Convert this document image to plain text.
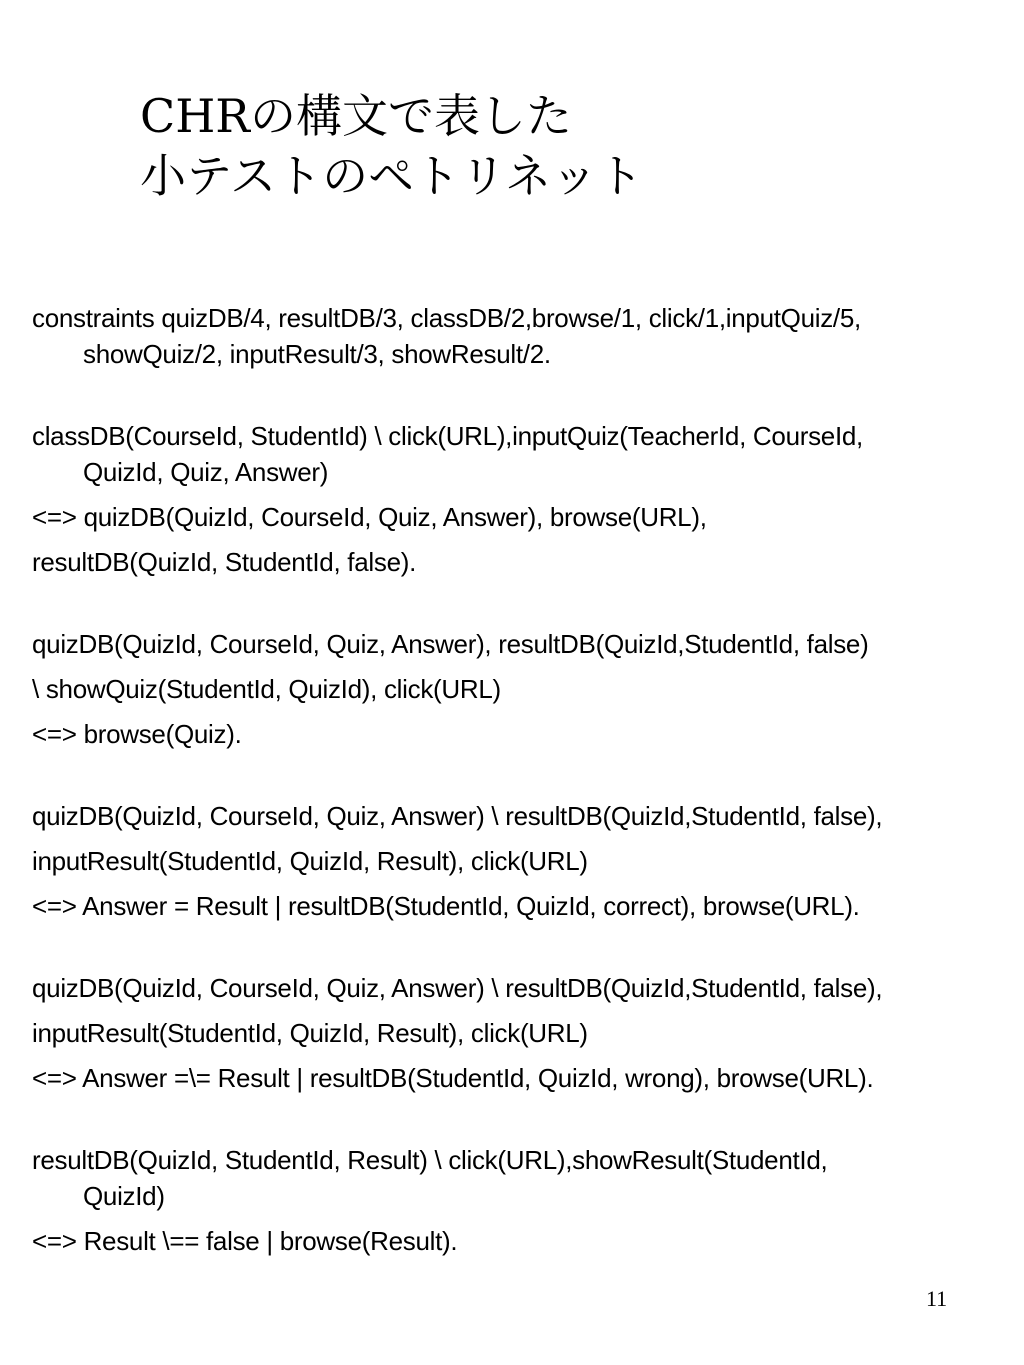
CHRの構文で表した
小テストのペトリネット

constraints quizDB/4, resultDB/3, classDB/2,browse/1, click/1,inputQuiz/5,
showQuiz/2, inputResult/3, showResult/2.

classDB(CourseId, StudentId) \ click(URL),inputQuiz(TeacherId, CourseId,
QuizId, Quiz, Answer)

<=> quizDB(QuizId, CourseId, Quiz, Answer), browse(URL),

resultDB(QuizId, StudentId, false).

quizDB(QuizId, CourseId, Quiz, Answer), resultDB(QuizId,StudentId, false)

\ showQuiz(StudentId, QuizId), click(URL)

<=> browse(Quiz).

quizDB(QuizId, CourseId, Quiz, Answer) \ resultDB(QuizId,StudentId, false),

inputResult(StudentId, QuizId, Result), click(URL)

<=> Answer = Result | resultDB(StudentId, QuizId, correct), browse(URL).

quizDB(QuizId, CourseId, Quiz, Answer) \ resultDB(QuizId,StudentId, false),

inputResult(StudentId, QuizId, Result), click(URL)

<=> Answer =\= Result | resultDB(StudentId, QuizId, wrong), browse(URL).

resultDB(QuizId, StudentId, Result) \ click(URL),showResult(StudentId,
QuizId)

<=> Result \== false | browse(Result).

11
